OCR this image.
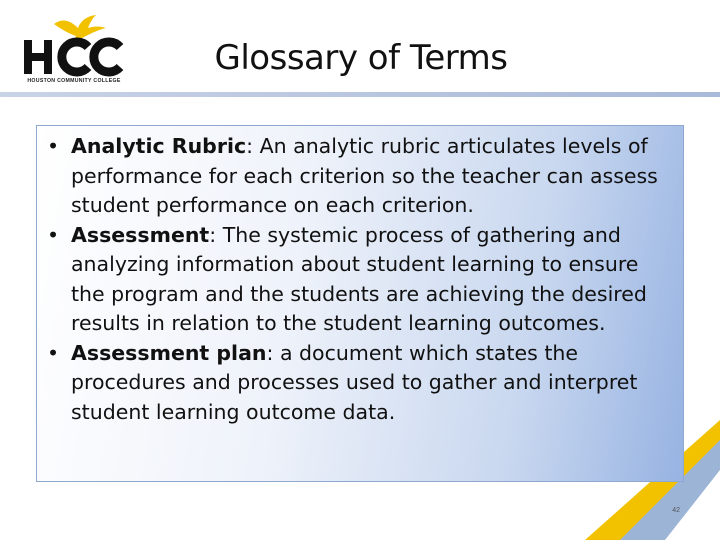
HOUSTON COMMUNITY COLLEGE
Glossary of Terms
• Analytic Rubric: An analytic rubric articulates levels of performance for each criterion so the teacher can assess student performance on each criterion.
• Assessment: The systemic process of gathering and analyzing information about student learning to ensure the program and the students are achieving the desired results in relation to the student learning outcomes.
• Assessment plan: a document which states the procedures and processes used to gather and interpret student learning outcome data.
42
